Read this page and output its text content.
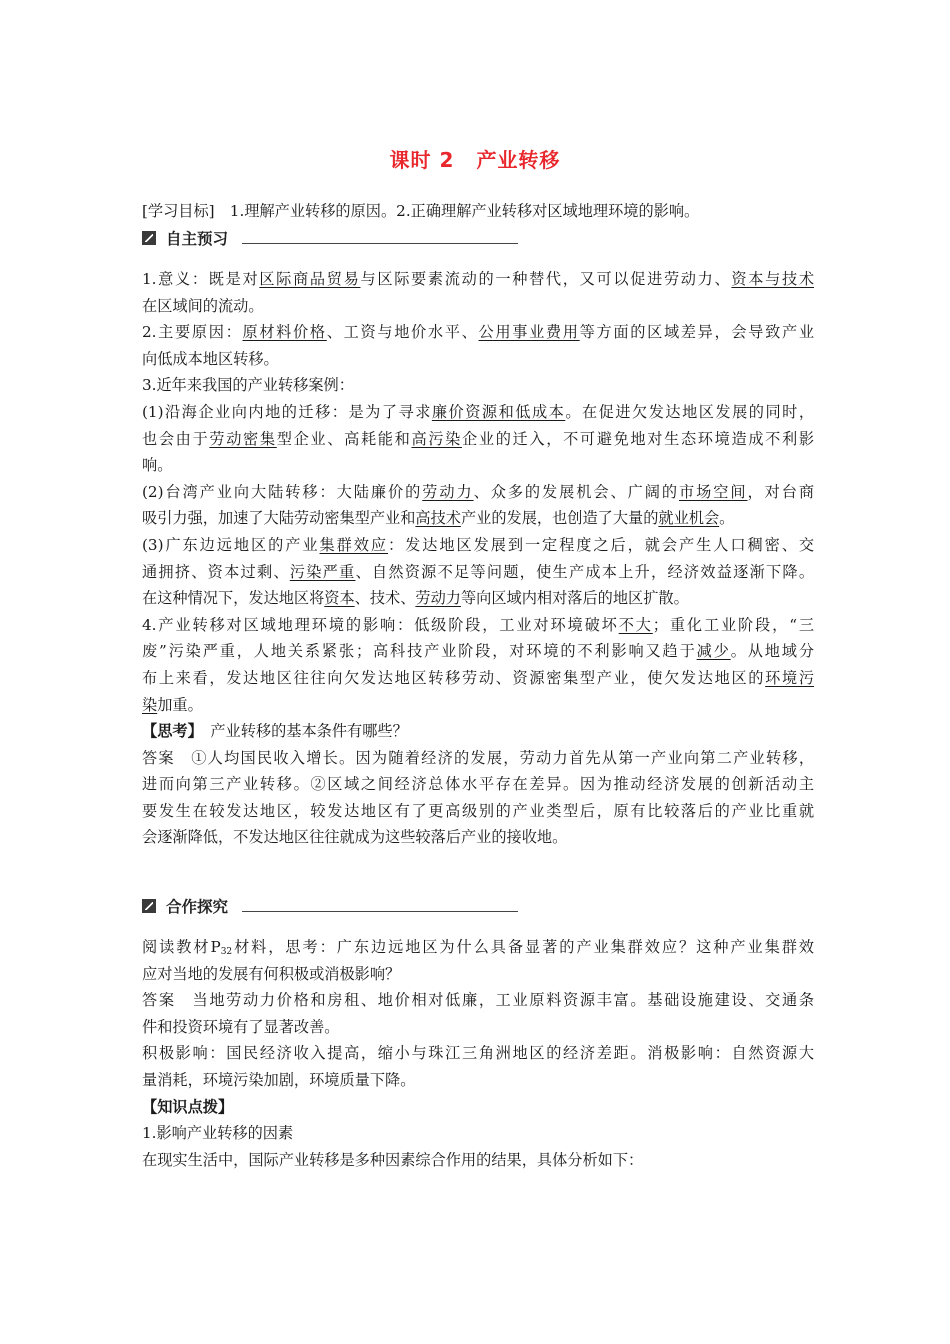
课时 2 产业转移
[学习目标]　1.理解产业转移的原因。2.正确理解产业转移对区域地理环境的影响。
自主预习
1.意义：既是对区际商品贸易与区际要素流动的一种替代，又可以促进劳动力、资本与技术
在区域间的流动。
2.主要原因：原材料价格、工资与地价水平、公用事业费用等方面的区域差异，会导致产业
向低成本地区转移。
3.近年来我国的产业转移案例：
(1)沿海企业向内地的迁移：是为了寻求廉价资源和低成本。在促进欠发达地区发展的同时，
也会由于劳动密集型企业、高耗能和高污染企业的迁入，不可避免地对生态环境造成不利影
响。
(2)台湾产业向大陆转移：大陆廉价的劳动力、众多的发展机会、广阔的市场空间，对台商
吸引力强，加速了大陆劳动密集型产业和高技术产业的发展，也创造了大量的就业机会。
(3)广东边远地区的产业集群效应：发达地区发展到一定程度之后，就会产生人口稠密、交
通拥挤、资本过剩、污染严重、自然资源不足等问题，使生产成本上升，经济效益逐渐下降。
在这种情况下，发达地区将资本、技术、劳动力等向区域内相对落后的地区扩散。
4.产业转移对区域地理环境的影响：低级阶段，工业对环境破坏不大；重化工业阶段，“三
废”污染严重，人地关系紧张；高科技产业阶段，对环境的不利影响又趋于减少。从地域分
布上来看，发达地区往往向欠发达地区转移劳动、资源密集型产业，使欠发达地区的环境污
染加重。
【思考】　产业转移的基本条件有哪些？
答案　①人均国民收入增长。因为随着经济的发展，劳动力首先从第一产业向第二产业转移，
进而向第三产业转移。②区域之间经济总体水平存在差异。因为推动经济发展的创新活动主
要发生在较发达地区，较发达地区有了更高级别的产业类型后，原有比较落后的产业比重就
会逐渐降低，不发达地区往往就成为这些较落后产业的接收地。
合作探究
阅读教材$P_{32}$材料，思考：广东边远地区为什么具备显著的产业集群效应？这种产业集群效
应对当地的发展有何积极或消极影响？
答案　当地劳动力价格和房租、地价相对低廉，工业原料资源丰富。基础设施建设、交通条
件和投资环境有了显著改善。
积极影响：国民经济收入提高，缩小与珠江三角洲地区的经济差距。消极影响：自然资源大
量消耗，环境污染加剧，环境质量下降。
【知识点拨】
1.影响产业转移的因素
在现实生活中，国际产业转移是多种因素综合作用的结果，具体分析如下：
